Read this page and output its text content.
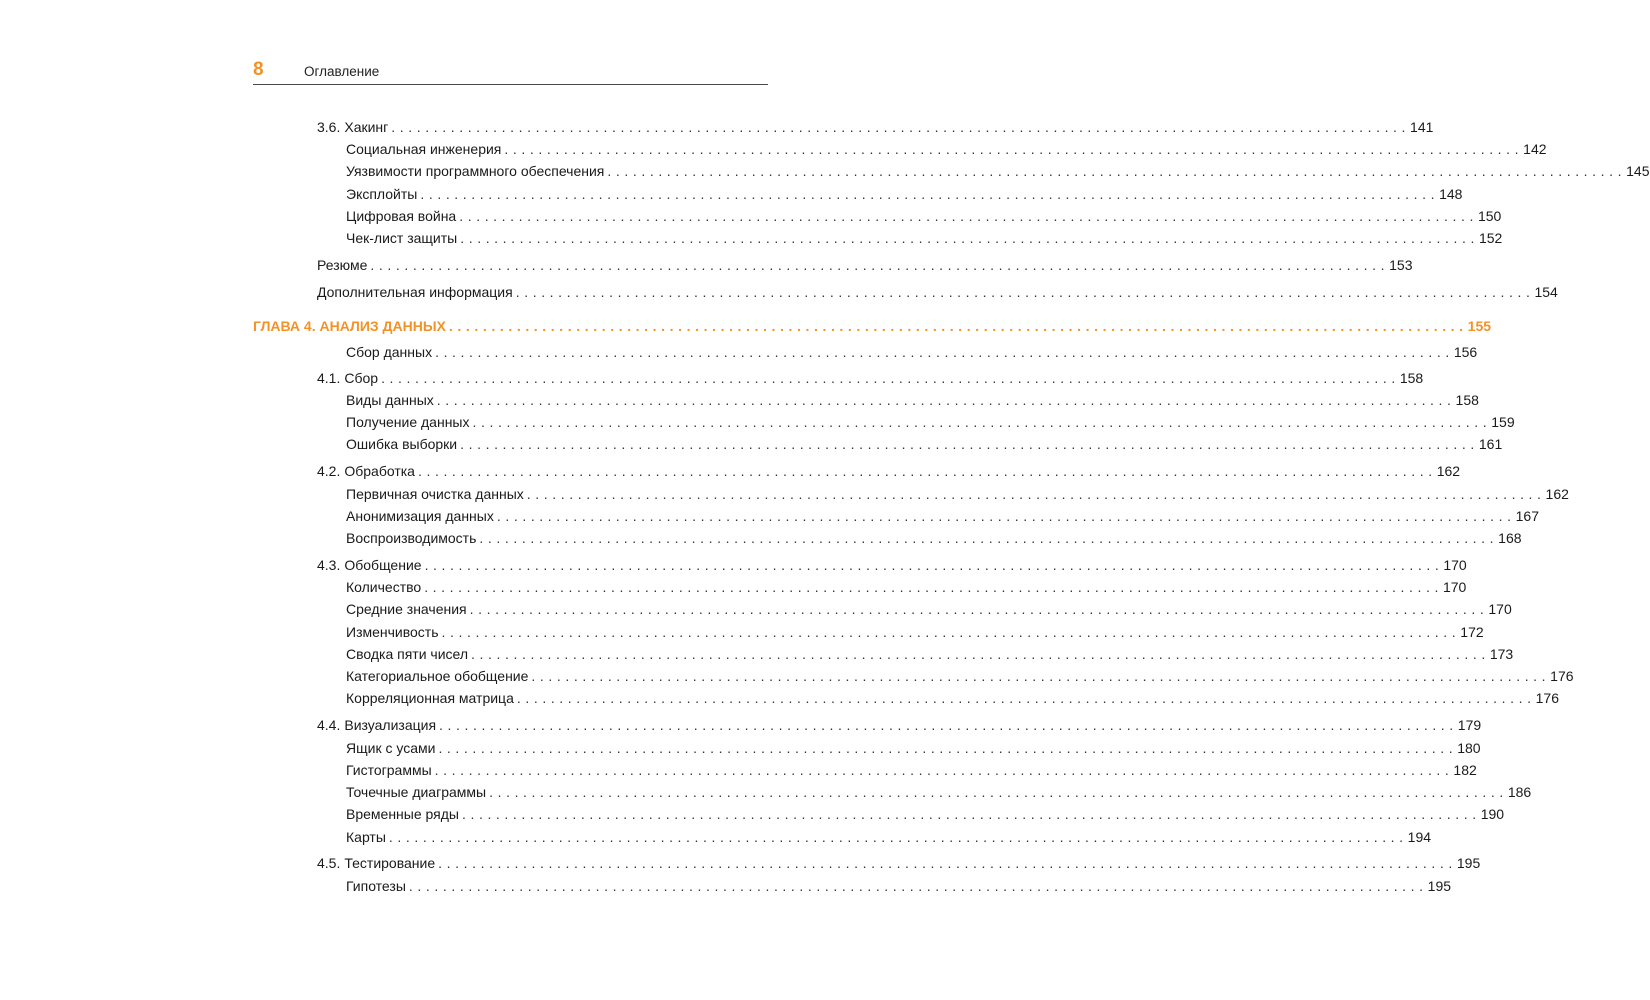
8	Оглавление
3.6. Хакинг ........................................................................................................................ 141
Социальная инженерия ........................................................................................................................ 142
Уязвимости программного обеспечения ........................................................................................................................ 145
Эксплойты ........................................................................................................................ 148
Цифровая война ........................................................................................................................ 150
Чек-лист защиты ........................................................................................................................ 152
Резюме ........................................................................................................................ 153
Дополнительная информация ........................................................................................................................ 154
ГЛАВА 4. АНАЛИЗ ДАННЫХ ........................................................................................................................ 155
Сбор данных ........................................................................................................................ 156
4.1. Сбор ........................................................................................................................ 158
Виды данных ........................................................................................................................ 158
Получение данных ........................................................................................................................ 159
Ошибка выборки ........................................................................................................................ 161
4.2. Обработка ........................................................................................................................ 162
Первичная очистка данных ........................................................................................................................ 162
Анонимизация данных ........................................................................................................................ 167
Воспроизводимость ........................................................................................................................ 168
4.3. Обобщение ........................................................................................................................ 170
Количество ........................................................................................................................ 170
Средние значения ........................................................................................................................ 170
Изменчивость ........................................................................................................................ 172
Сводка пяти чисел ........................................................................................................................ 173
Категориальное обобщение ........................................................................................................................ 176
Корреляционная матрица ........................................................................................................................ 176
4.4. Визуализация ........................................................................................................................ 179
Ящик с усами ........................................................................................................................ 180
Гистограммы ........................................................................................................................ 182
Точечные диаграммы ........................................................................................................................ 186
Временные ряды ........................................................................................................................ 190
Карты ........................................................................................................................ 194
4.5. Тестирование ........................................................................................................................ 195
Гипотезы ........................................................................................................................ 195
